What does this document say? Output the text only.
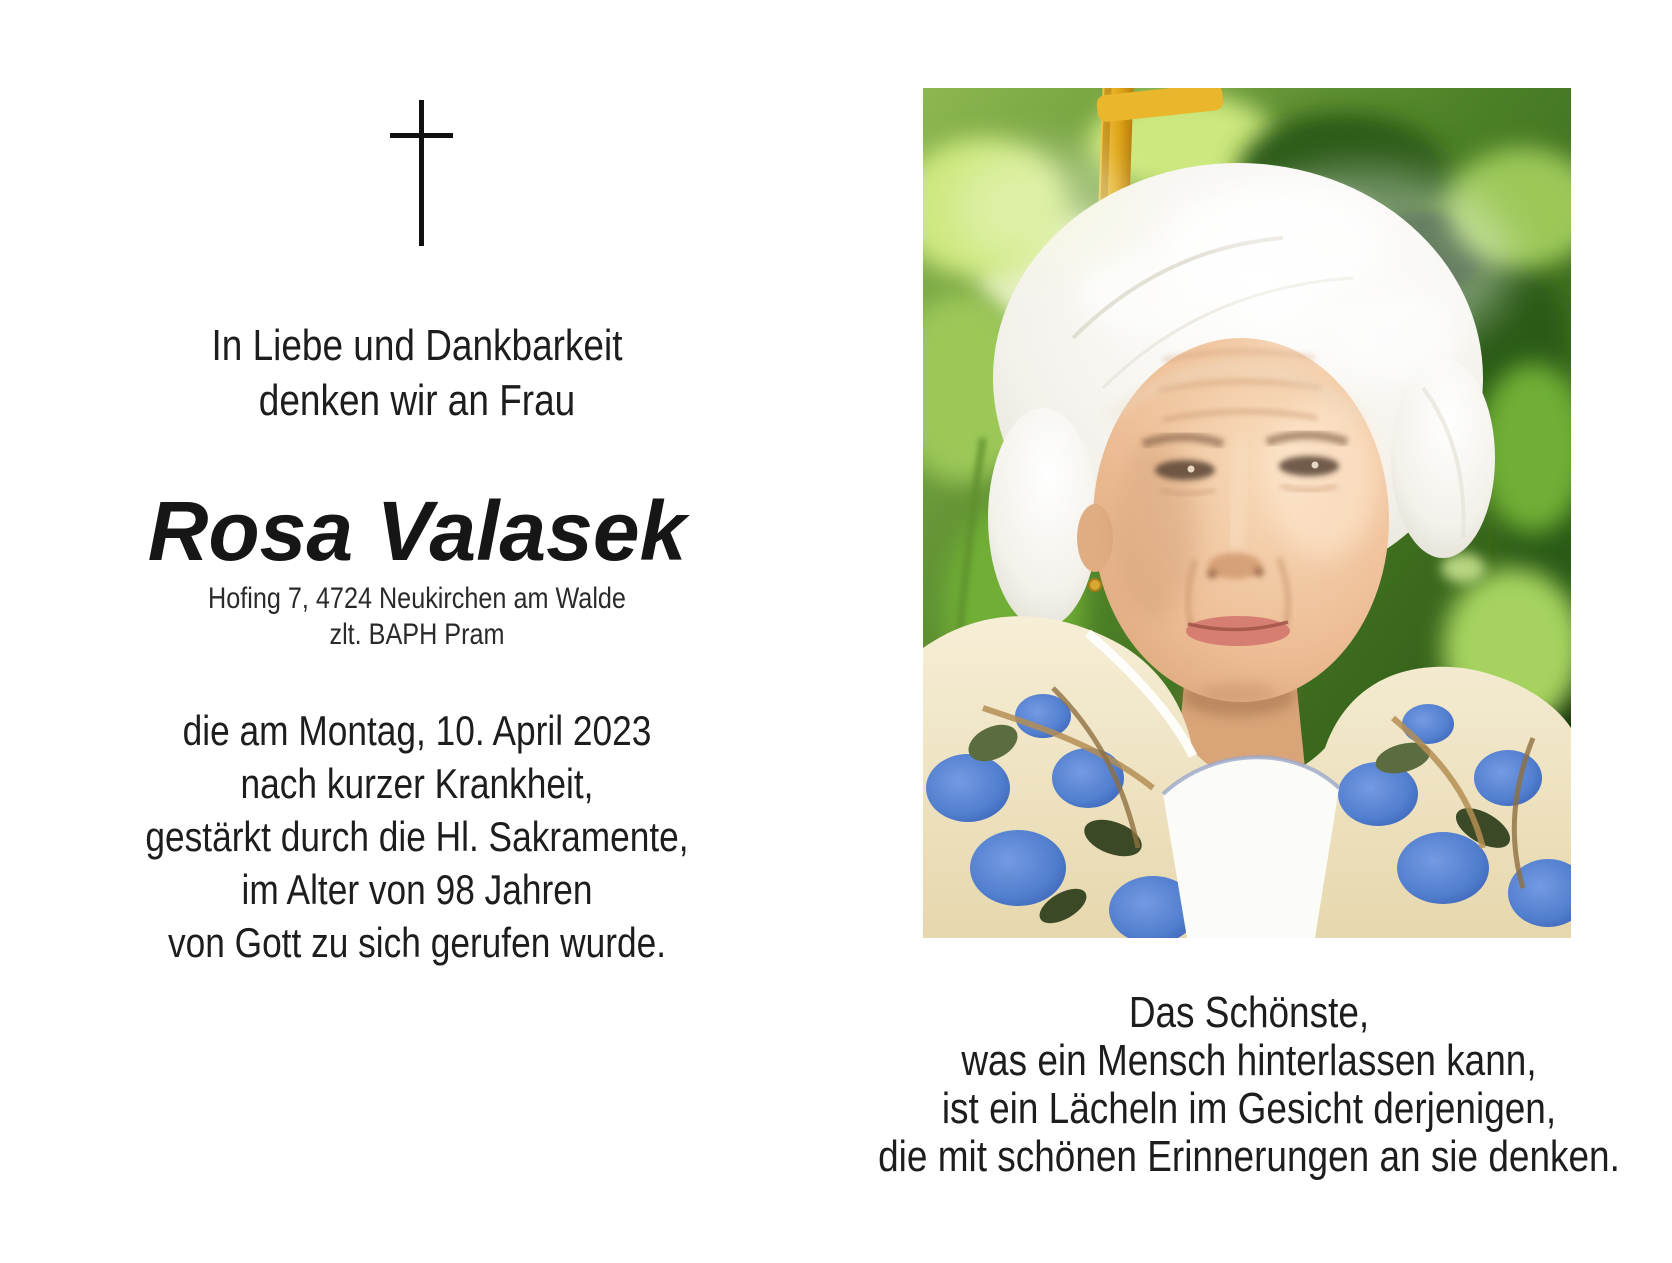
In Liebe und Dankbarkeit
denken wir an Frau
Rosa Valasek
Hofing 7, 4724 Neukirchen am Walde
zlt. BAPH Pram
die am Montag, 10. April 2023
nach kurzer Krankheit,
gestärkt durch die Hl. Sakramente,
im Alter von 98 Jahren
von Gott zu sich gerufen wurde.
Das Schönste,
was ein Mensch hinterlassen kann,
ist ein Lächeln im Gesicht derjenigen,
die mit schönen Erinnerungen an sie denken.
